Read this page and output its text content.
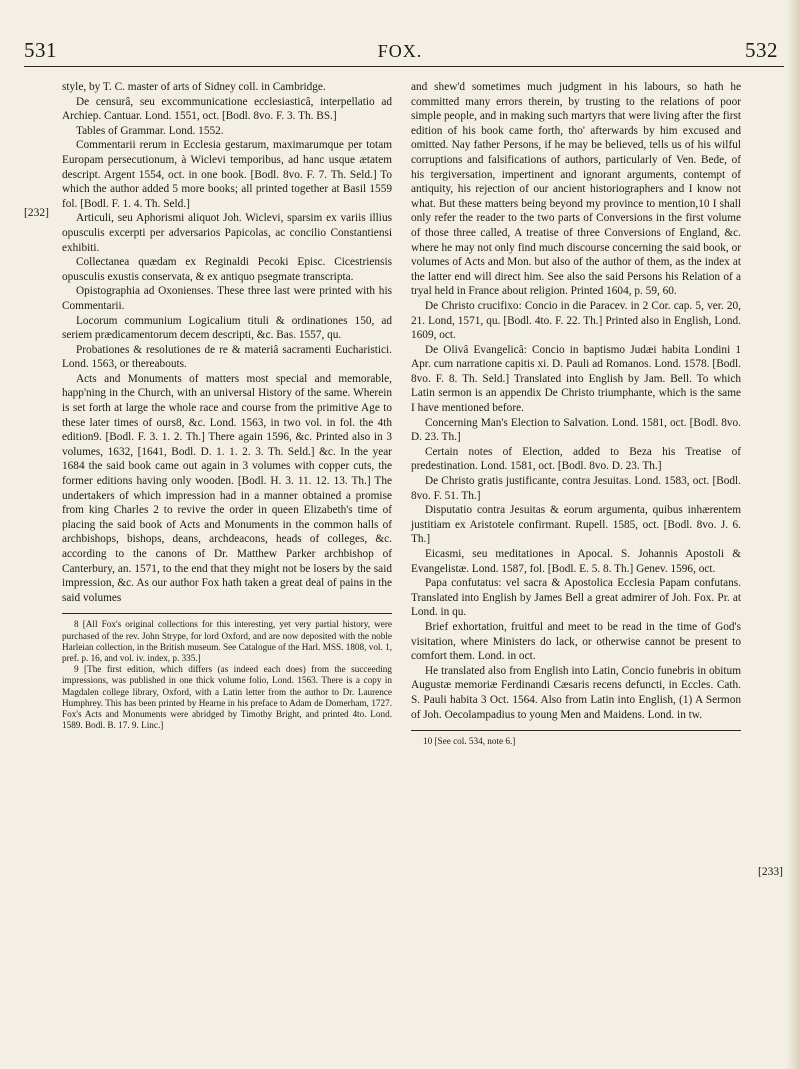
531	FOX.	532
[232]
[233]

style, by T. C. master of arts of Sidney coll. in Cambridge.

De censurâ, seu excommunicatione ecclesiasticâ, interpellatio ad Archiep. Cantuar. Lond. 1551, oct. [Bodl. 8vo. F. 3. Th. BS.]

Tables of Grammar. Lond. 1552.

Commentarii rerum in Ecclesia gestarum, maximarumque per totam Europam persecutionum, à Wiclevi temporibus, ad hanc usque ætatem descript. Argent 1554, oct. in one book. [Bodl. 8vo. F. 7. Th. Seld.] To which the author added 5 more books; all printed together at Basil 1559 fol. [Bodl. F. 1. 4. Th. Seld.]

Articuli, seu Aphorismi aliquot Joh. Wiclevi, sparsim ex variis illius opusculis excerpti per adversarios Papicolas, ac concilio Constantiensi exhibiti.

Collectanea quædam ex Reginaldi Pecoki Episc. Cicestriensis opusculis exustis conservata, & ex antiquo psegmate transcripta.

Opistographia ad Oxonienses. These three last were printed with his Commentarii.

Locorum communium Logicalium tituli & ordinationes 150, ad seriem prædicamentorum decem descripti, &c. Bas. 1557, qu.

Probationes & resolutiones de re & materiâ sacramenti Eucharistici. Lond. 1563, or thereabouts.

Acts and Monuments of matters most special and memorable, happ'ning in the Church, with an universal History of the same. Wherein is set forth at large the whole race and course from the primitive Age to these later times of ours8, &c. Lond. 1563, in two vol. in fol. the 4th edition9. [Bodl. F. 3. 1. 2. Th.] There again 1596, &c. Printed also in 3 volumes, 1632, [1641, Bodl. D. 1. 1. 2. 3. Th. Seld.] &c. In the year 1684 the said book came out again in 3 volumes with copper cuts, the former editions having only wooden. [Bodl. H. 3. 11. 12. 13. Th.] The undertakers of which impression had in a manner obtained a promise from king Charles 2 to revive the order in queen Elizabeth's time of placing the said book of Acts and Monuments in the common halls of archbishops, bishops, deans, archdeacons, heads of colleges, &c. according to the canons of Dr. Matthew Parker archbishop of Canterbury, an. 1571, to the end that they might not be losers by the said impression, &c. As our author Fox hath taken a great deal of pains in the said volumes

8 [All Fox's original collections for this interesting, yet very partial history, were purchased of the rev. John Strype, for lord Oxford, and are now deposited with the noble Harleian collection, in the British museum. See Catalogue of the Harl. MSS. 1808, vol. 1, pref. p. 16, and vol. iv. index, p. 335.]

9 [The first edition, which differs (as indeed each does) from the succeeding impressions, was published in one thick volume folio, Lond. 1563. There is a copy in Magdalen college library, Oxford, with a Latin letter from the author to Dr. Laurence Humphrey. This has been printed by Hearne in his preface to Adam de Domerham, 1727. Fox's Acts and Monuments were abridged by Timothy Bright, and printed 4to. Lond. 1589. Bodl. B. 17. 9. Linc.]

and shew'd sometimes much judgment in his labours, so hath he committed many errors therein, by trusting to the relations of poor simple people, and in making such martyrs that were living after the first edition of his book came forth, tho' afterwards by him excused and omitted. Nay father Persons, if he may be believed, tells us of his wilful corruptions and falsifications of authors, particularly of Ven. Bede, of his tergiversation, impertinent and ignorant arguments, contempt of antiquity, his rejection of our ancient historiographers and I know not what. But these matters being beyond my province to mention,10 I shall only refer the reader to the two parts of Conversions in the first volume of those three called, A treatise of three Conversions of England, &c. where he may not only find much discourse concerning the said book, or volumes of Acts and Mon. but also of the author of them, as the index at the latter end will direct him. See also the said Persons his Relation of a tryal held in France about religion. Printed 1604, p. 59, 60.

De Christo crucifixo: Concio in die Paracev. in 2 Cor. cap. 5, ver. 20, 21. Lond, 1571, qu. [Bodl. 4to. F. 22. Th.] Printed also in English, Lond. 1609, oct.

De Olivâ Evangelicâ: Concio in baptismo Judæi habita Londini 1 Apr. cum narratione capitis xi. D. Pauli ad Romanos. Lond. 1578. [Bodl. 8vo. F. 8. Th. Seld.] Translated into English by Jam. Bell. To which Latin sermon is an appendix De Christo triumphante, which is the same I have mentioned before.

Concerning Man's Election to Salvation. Lond. 1581, oct. [Bodl. 8vo. D. 23. Th.]

Certain notes of Election, added to Beza his Treatise of predestination. Lond. 1581, oct. [Bodl. 8vo. D. 23. Th.]

De Christo gratis justificante, contra Jesuitas. Lond. 1583, oct. [Bodl. 8vo. F. 51. Th.]

Disputatio contra Jesuitas & eorum argumenta, quibus inhærentem justitiam ex Aristotele confirmant. Rupell. 1585, oct. [Bodl. 8vo. J. 6. Th.]

Eicasmi, seu meditationes in Apocal. S. Johannis Apostoli & Evangelistæ. Lond. 1587, fol. [Bodl. E. 5. 8. Th.] Genev. 1596, oct.

Papa confutatus: vel sacra & Apostolica Ecclesia Papam confutans. Translated into English by James Bell a great admirer of Joh. Fox. Pr. at Lond. in qu.

Brief exhortation, fruitful and meet to be read in the time of God's visitation, where Ministers do lack, or otherwise cannot be present to comfort them. Lond. in oct.

He translated also from English into Latin, Concio funebris in obitum Augustæ memoriæ Ferdinandi Cæsaris recens defuncti, in Eccles. Cath. S. Pauli habita 3 Oct. 1564. Also from Latin into English, (1) A Sermon of Joh. Oecolampadius to young Men and Maidens. Lond. in tw.

10 [See col. 534, note 6.]
